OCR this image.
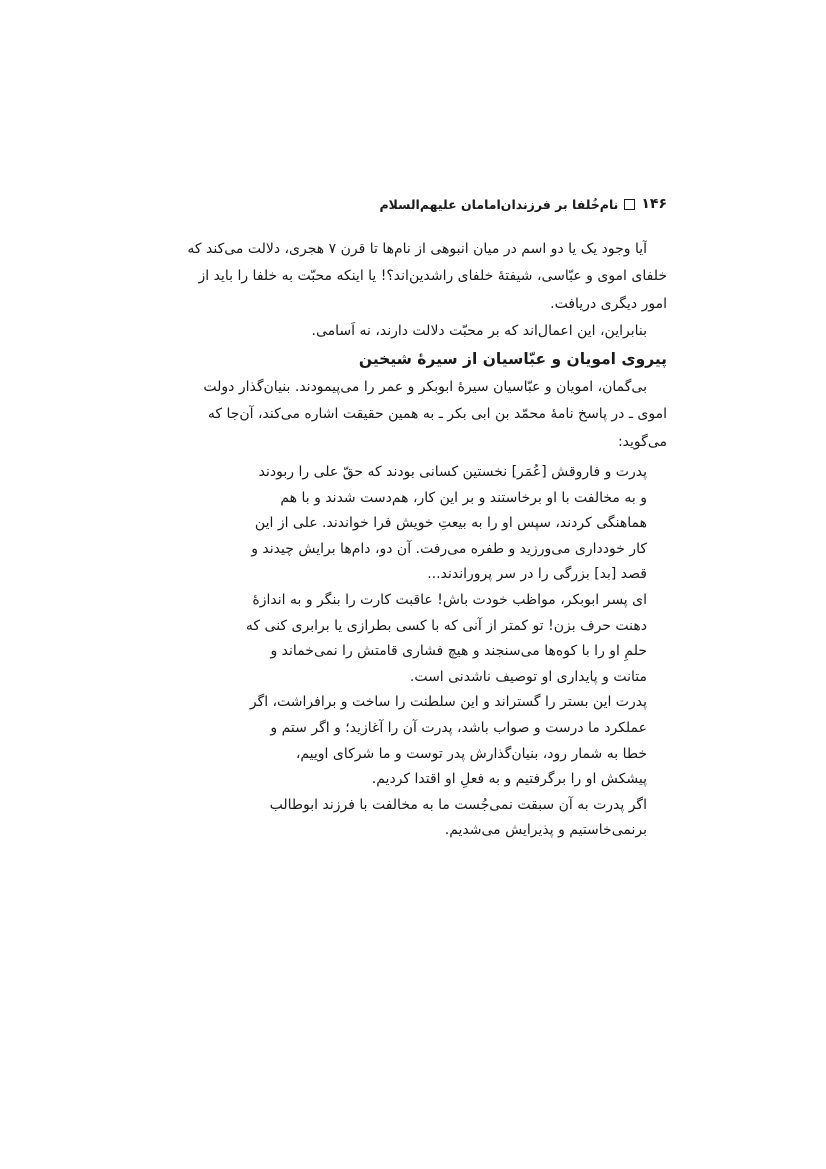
۱۴۶
نام‌خُلفا بر فرزندان‌امامان علیهم‌السلام
آیا وجود یک یا دو اسم در میان انبوهی از نام‌ها تا قرن ۷ هجری، دلالت می‌کند که
خلفای اموی و عبّاسی، شیفتهٔ خلفای راشدین‌اند؟! یا اینکه محبّت به خلفا را باید از
امور دیگری دریافت.
بنابراین، این اعمال‌اند که بر محبّت دلالت دارند، نه اَسامی.
پیروی امویان و عبّاسیان از سیرهٔ شیخین
بی‌گمان، امویان و عبّاسیان سیرهٔ ابوبکر و عمر را می‌پیمودند. بنیان‌گذار دولت
اموی ـ در پاسخ نامهٔ محمّد بن ابی بکر ـ به همین حقیقت اشاره می‌کند، آن‌جا که
می‌گوید:
پدرت و فاروقش [عُمَر] نخستین کسانی بودند که حقّ علی را ربودند
و به مخالفت با او برخاستند و بر این کار، هم‌دست شدند و با هم
هماهنگی کردند، سپس او را به بیعتِ خویش فرا خواندند. علی از این
کار خودداری می‌ورزید و طفره می‌رفت. آن دو، دام‌ها برایش چیدند و
قصد [بد] بزرگی را در سر پروراندند...
ای پسر ابوبکر، مواظب خودت باش! عاقبت کارت را بنگر و به اندازهٔ
دهنت حرف بزن! تو کمتر از آنی که با کسی بطرازی یا برابری کنی که
حلمِ او را با کوه‌ها می‌سنجند و هیچ فشاری قامتش را نمی‌خماند و
متانت و پایداری او توصیف ناشدنی است.
پدرت این بستر را گستراند و این سلطنت را ساخت و برافراشت، اگر
عملکرد ما درست و صواب باشد، پدرت آن را آغازید؛ و اگر ستم و
خطا به شمار رود، بنیان‌گذارش پدر توست و ما شرکای اوییم،
پیشکش او را برگرفتیم و به فعلِ او اقتدا کردیم.
اگر پدرت به آن سبقت نمی‌جُست ما به مخالفت با فرزند ابوطالب
برنمی‌خاستیم و پذیرایش می‌شدیم.
